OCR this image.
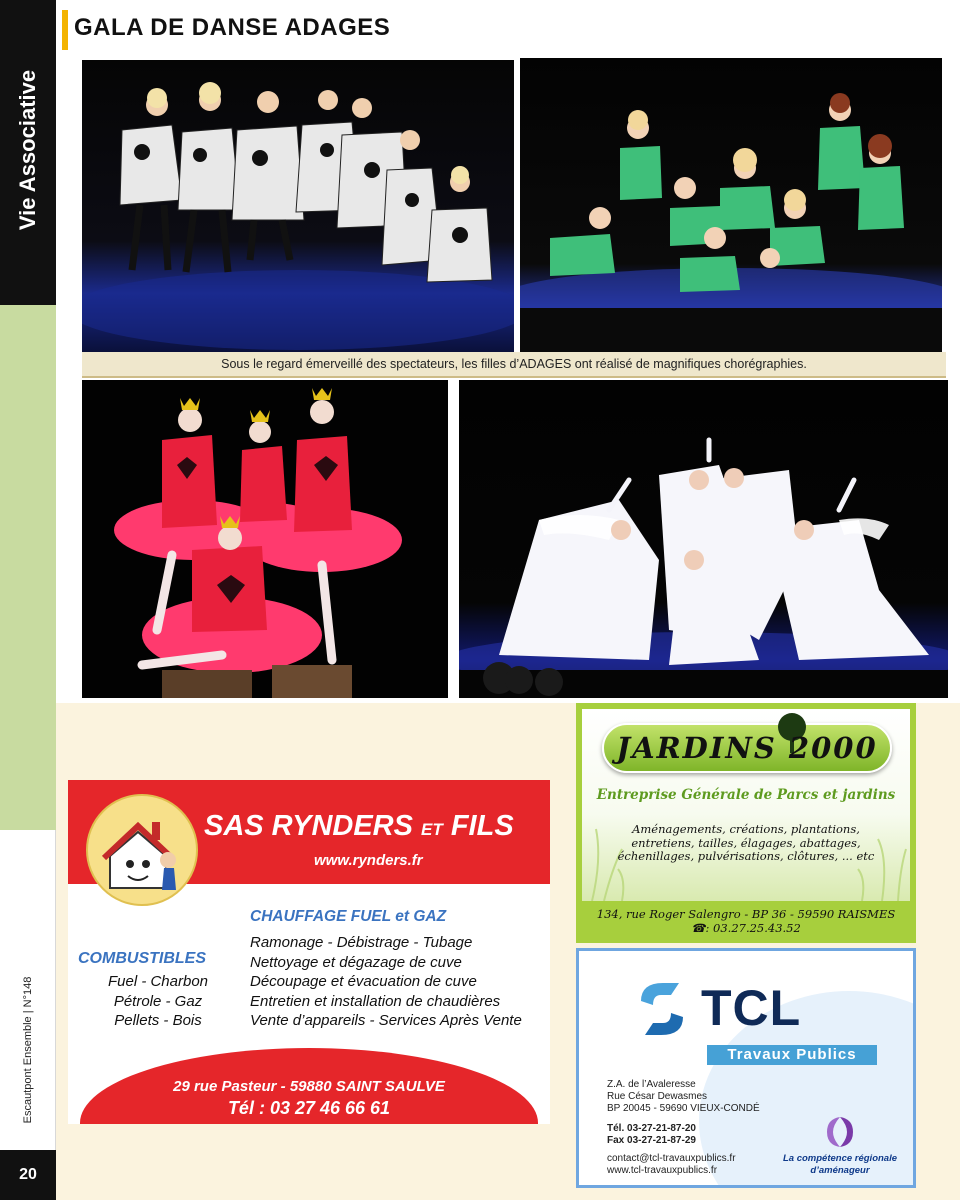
Vie Associative
Escautpont Ensemble | N°148
20
GALA DE DANSE ADAGES
Sous le regard émerveillé des spectateurs, les filles d’ADAGES ont réalisé de magnifiques chorégraphies.
SAS RYNDERS ET FILS
www.rynders.fr
CHAUFFAGE FUEL et GAZ
COMBUSTIBLES
Fuel - Charbon
Pétrole - Gaz
Pellets - Bois
Ramonage - Débistrage - Tubage
Nettoyage et dégazage de cuve
Découpage et évacuation de cuve
Entretien et installation de chaudières
Vente d’appareils - Services Après Vente
29 rue Pasteur - 59880 SAINT SAULVE
Tél : 03 27 46 66 61
JARDINS 2000
Entreprise Générale de Parcs et jardins
Aménagements, créations, plantations,
entretiens, tailles, élagages, abattages,
échenillages, pulvérisations, clôtures, ... etc
134, rue Roger Salengro - BP 36 - 59590 RAISMES
☎: 03.27.25.43.52
TCL
Travaux Publics
Z.A. de l’Avaleresse
Rue César Dewasmes
BP 20045 - 59690 VIEUX-CONDÉ
Tél. 03-27-21-87-20
Fax 03-27-21-87-29
contact@tcl-travauxpublics.fr
www.tcl-travauxpublics.fr
La compétence régionale
d’aménageur
